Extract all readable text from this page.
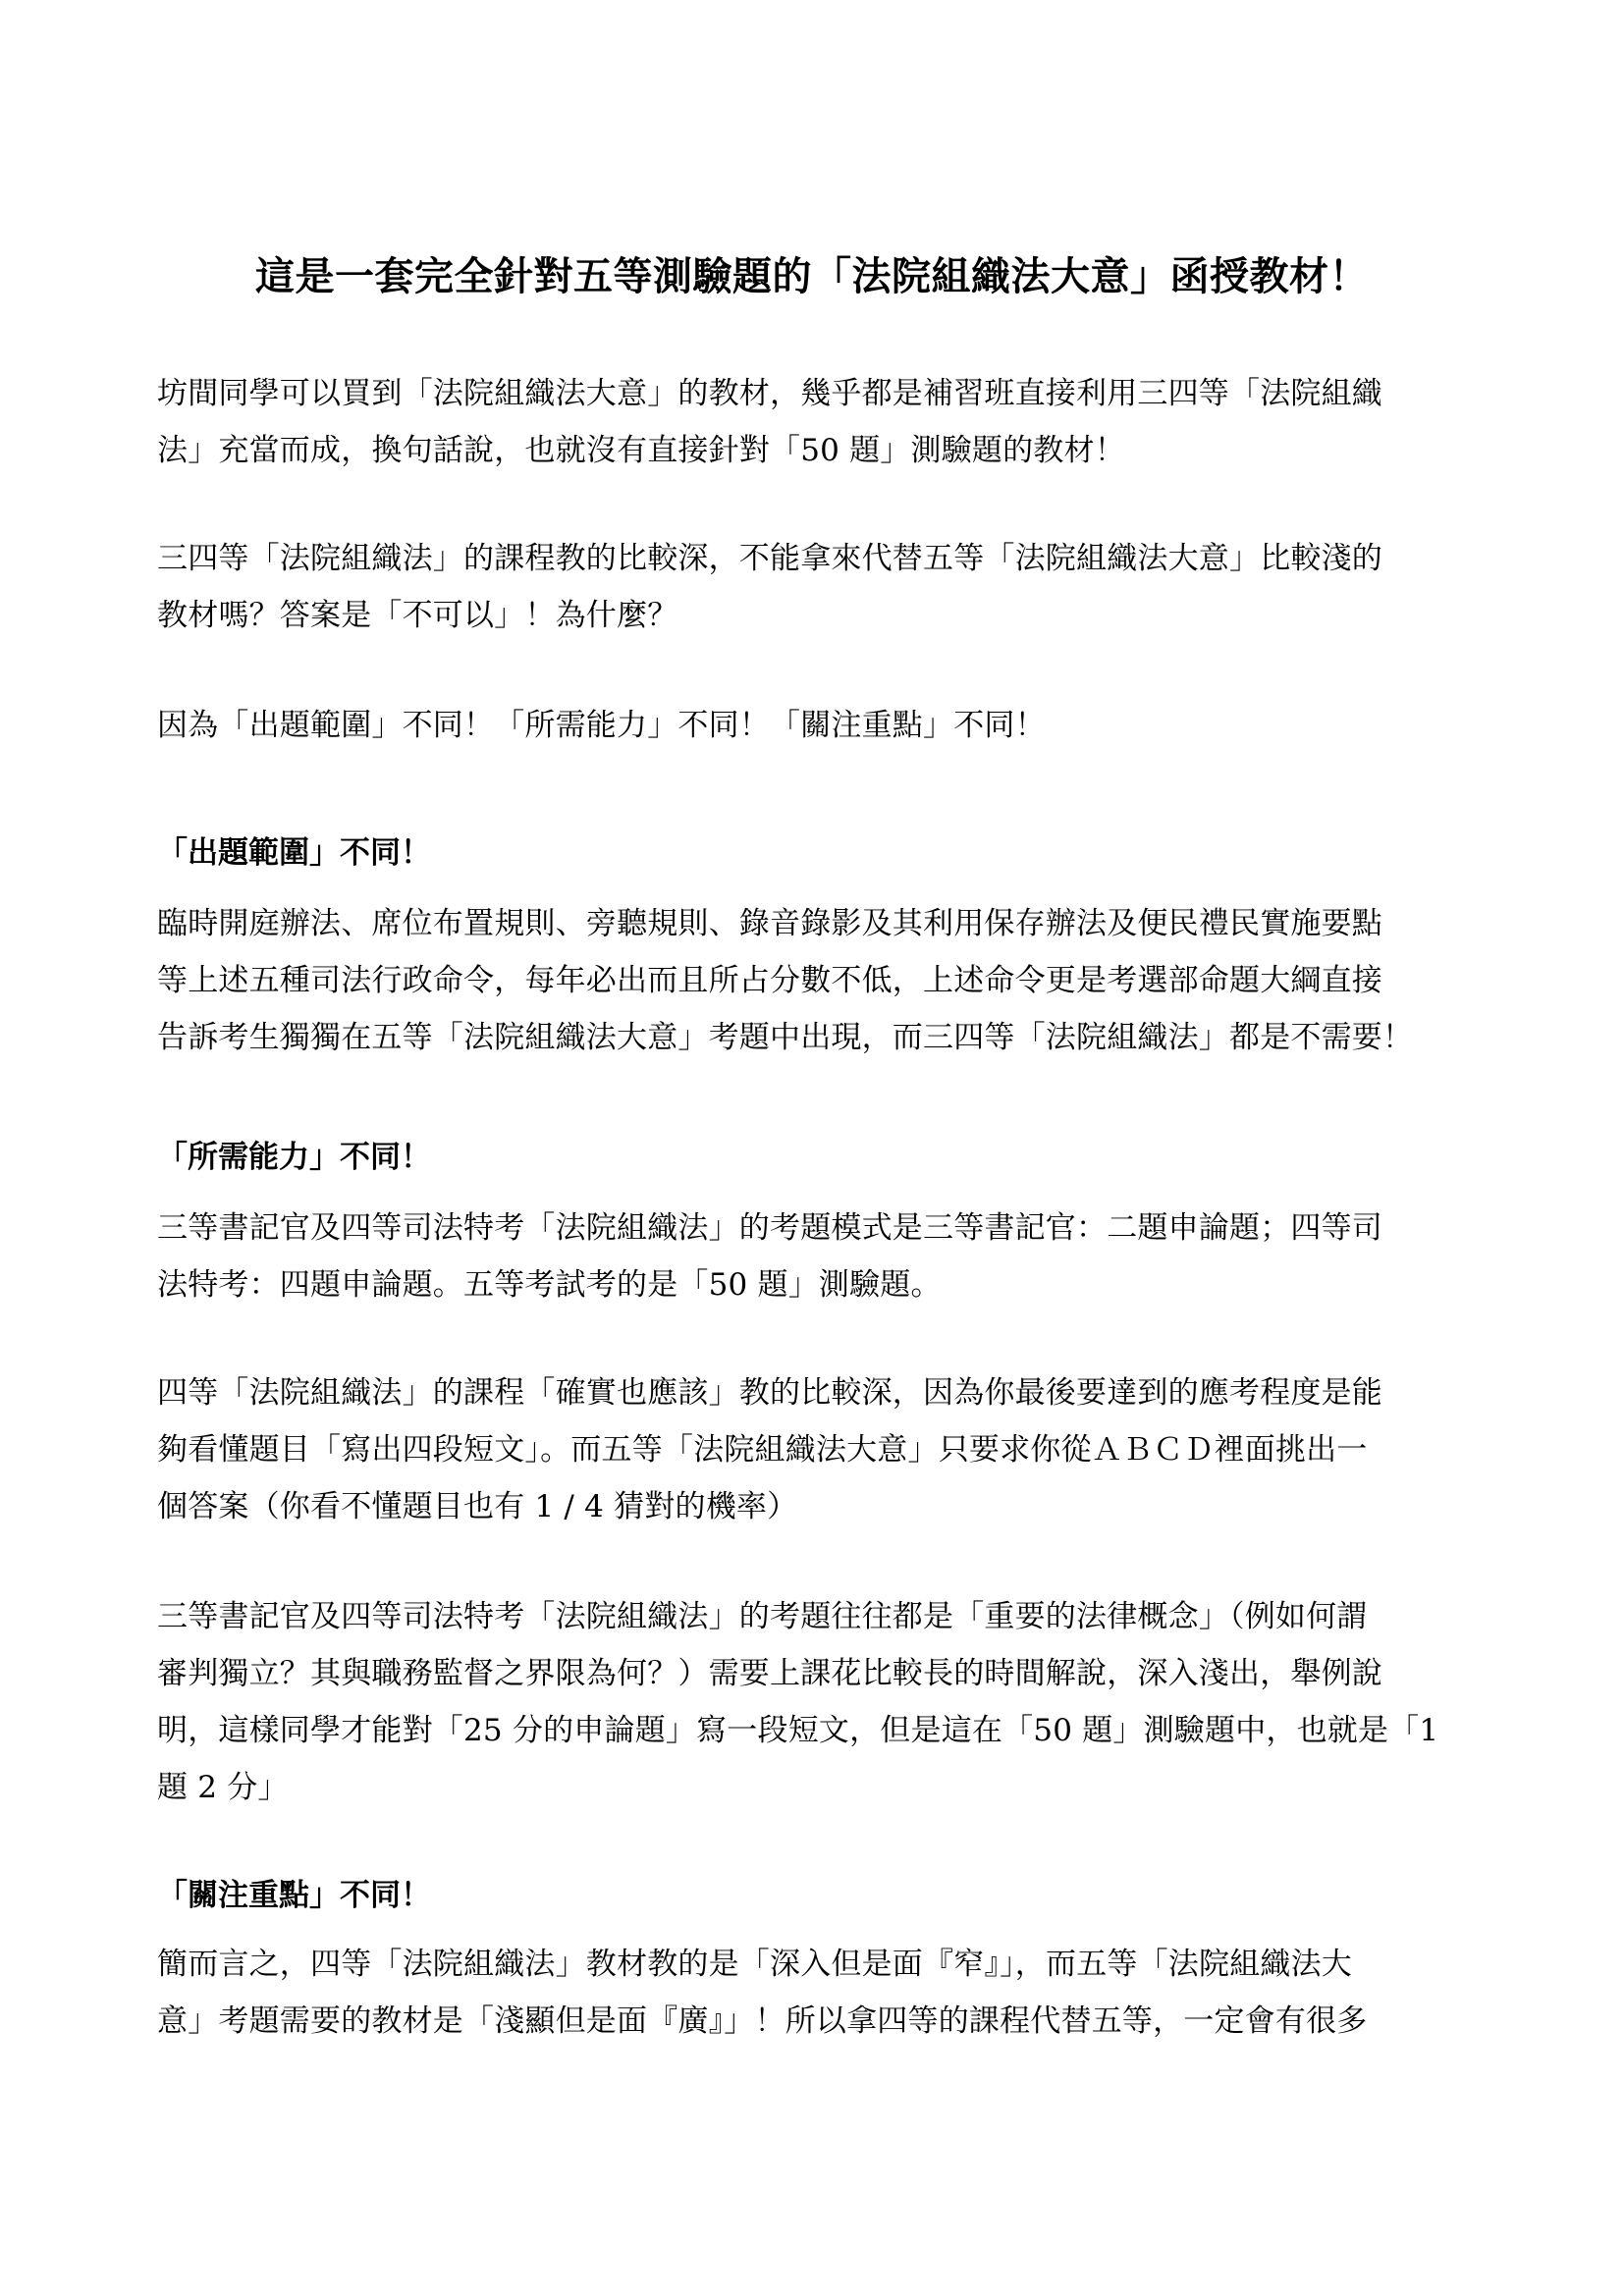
這是一套完全針對五等測驗題的「法院組織法大意」函授教材！
坊間同學可以買到「法院組織法大意」的教材，幾乎都是補習班直接利用三四等「法院組織
法」充當而成，換句話說，也就沒有直接針對「50 題」測驗題的教材！
三四等「法院組織法」的課程教的比較深，不能拿來代替五等「法院組織法大意」比較淺的
教材嗎？答案是「不可以」！為什麼？
因為「出題範圍」不同！「所需能力」不同！「關注重點」不同！
「出題範圍」不同！
臨時開庭辦法、席位布置規則、旁聽規則、錄音錄影及其利用保存辦法及便民禮民實施要點
等上述五種司法行政命令，每年必出而且所占分數不低，上述命令更是考選部命題大綱直接
告訴考生獨獨在五等「法院組織法大意」考題中出現，而三四等「法院組織法」都是不需要！
「所需能力」不同！
三等書記官及四等司法特考「法院組織法」的考題模式是三等書記官：二題申論題；四等司
法特考：四題申論題。五等考試考的是「50 題」測驗題。
四等「法院組織法」的課程「確實也應該」教的比較深，因為你最後要達到的應考程度是能
夠看懂題目「寫出四段短文」。而五等「法院組織法大意」只要求你從ＡＢＣＤ裡面挑出一
個答案（你看不懂題目也有 1 / 4 猜對的機率）
三等書記官及四等司法特考「法院組織法」的考題往往都是「重要的法律概念」（例如何謂
審判獨立？其與職務監督之界限為何？）需要上課花比較長的時間解說，深入淺出，舉例說
明，這樣同學才能對「25 分的申論題」寫一段短文，但是這在「50 題」測驗題中，也就是「1
題 2 分」
「關注重點」不同！
簡而言之，四等「法院組織法」教材教的是「深入但是面『窄』」，而五等「法院組織法大
意」考題需要的教材是「淺顯但是面『廣』」！所以拿四等的課程代替五等，一定會有很多
